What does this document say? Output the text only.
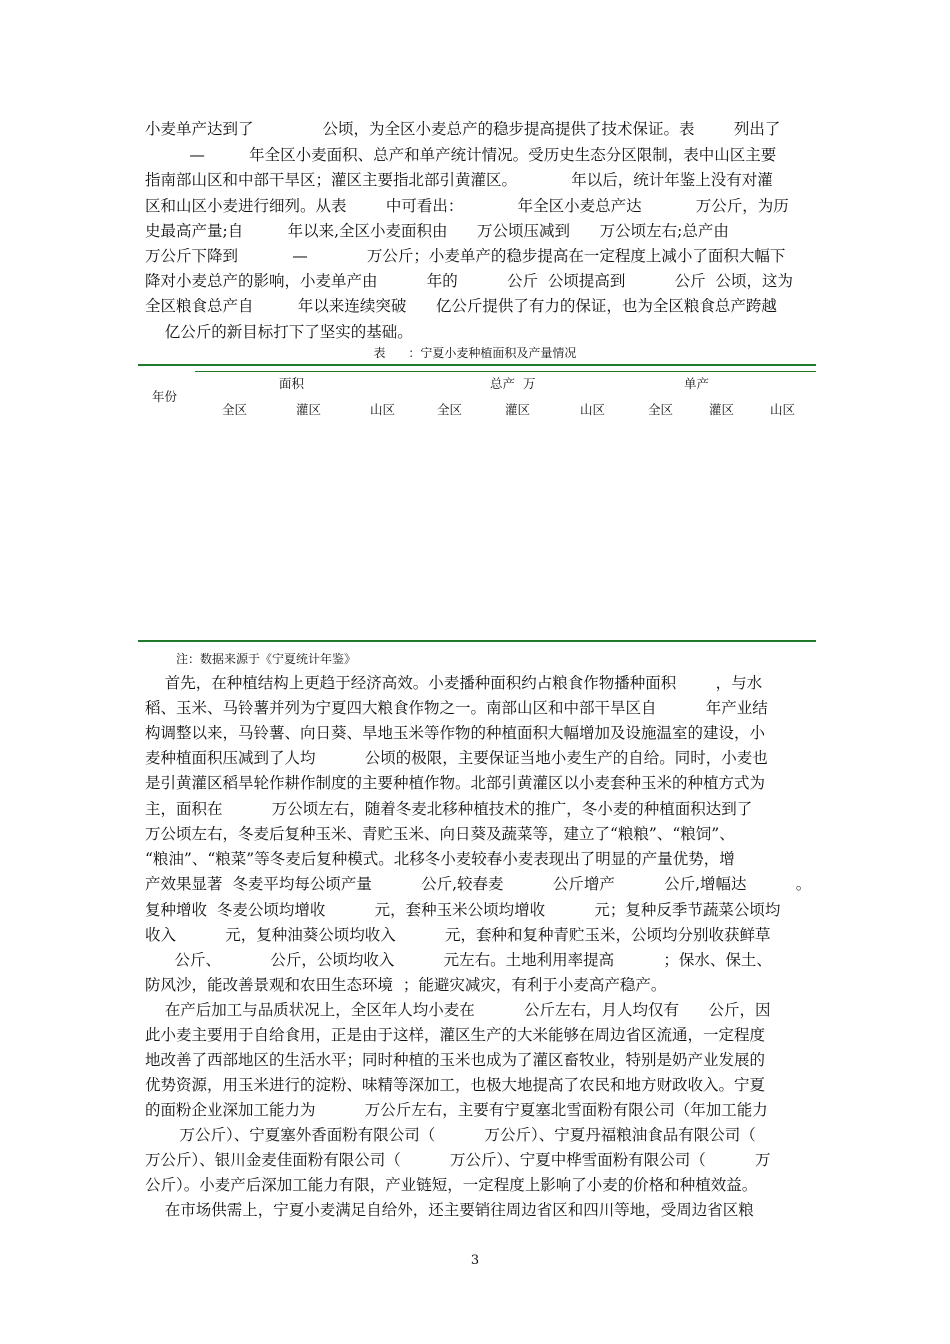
小麦单产达到了              公顷，为全区小麦总产的稳步提高提供了技术保证。表        列出了
—         年全区小麦面积、总产和单产统计情况。受历史生态分区限制，表中山区主要
指南部山区和中部干旱区；灌区主要指北部引黄灌区。           年以后，统计年鉴上没有对灌
区和山区小麦进行细列。从表        中可看出：           年全区小麦总产达           万公斤，为历
史最高产量;自         年以来,全区小麦面积由      万公顷压减到      万公顷左右;总产由
万公斤下降到           —            万公斤；小麦单产的稳步提高在一定程度上减小了面积大幅下
降对小麦总产的影响，小麦单产由          年的          公斤  公顷提高到          公斤  公顷，这为
全区粮食总产自         年以来连续突破      亿公斤提供了有力的保证，也为全区粮食总产跨越
亿公斤的新目标打下了坚实的基础。
表      ：宁夏小麦种植面积及产量情况
年份
面积	总产  万	单产
全区	灌区	山区	全区	灌区	山区	全区	灌区	山区
注：数据来源于《宁夏统计年鉴》
首先，在种植结构上更趋于经济高效。小麦播种面积约占粮食作物播种面积        ，与水
稻、玉米、马铃薯并列为宁夏四大粮食作物之一。南部山区和中部干旱区自          年产业结
构调整以来，马铃薯、向日葵、旱地玉米等作物的种植面积大幅增加及设施温室的建设，小
麦种植面积压减到了人均          公顷的极限，主要保证当地小麦生产的自给。同时，小麦也
是引黄灌区稻旱轮作耕作制度的主要种植作物。北部引黄灌区以小麦套种玉米的种植方式为
主，面积在          万公顷左右，随着冬麦北移种植技术的推广，冬小麦的种植面积达到了
万公顷左右，冬麦后复种玉米、青贮玉米、向日葵及蔬菜等，建立了“粮粮”、“粮饲”、
“粮油”、“粮菜”等冬麦后复种模式。北移冬小麦较春小麦表现出了明显的产量优势，增
产效果显著  冬麦平均每公顷产量          公斤,较春麦          公斤增产          公斤,增幅达          。
复种增收  冬麦公顷均增收          元，套种玉米公顷均增收          元；复种反季节蔬菜公顷均
收入          元，复种油葵公顷均收入          元，套种和复种青贮玉米，公顷均分别收获鲜草
公斤、          公斤，公顷均收入          元左右。土地利用率提高          ；保水、保土、
防风沙，能改善景观和农田生态环境  ；能避灾减灾，有利于小麦高产稳产。
在产后加工与品质状况上，全区年人均小麦在          公斤左右，月人均仅有      公斤，因
此小麦主要用于自给食用，正是由于这样，灌区生产的大米能够在周边省区流通，一定程度
地改善了西部地区的生活水平；同时种植的玉米也成为了灌区畜牧业，特别是奶产业发展的
优势资源，用玉米进行的淀粉、味精等深加工，也极大地提高了农民和地方财政收入。宁夏
的面粉企业深加工能力为          万公斤左右，主要有宁夏塞北雪面粉有限公司（年加工能力
万公斤）、宁夏塞外香面粉有限公司（          万公斤）、宁夏丹福粮油食品有限公司（
万公斤）、银川金麦佳面粉有限公司（          万公斤）、宁夏中桦雪面粉有限公司（          万
公斤）。小麦产后深加工能力有限，产业链短，一定程度上影响了小麦的价格和种植效益。
在市场供需上，宁夏小麦满足自给外，还主要销往周边省区和四川等地，受周边省区粮
3
